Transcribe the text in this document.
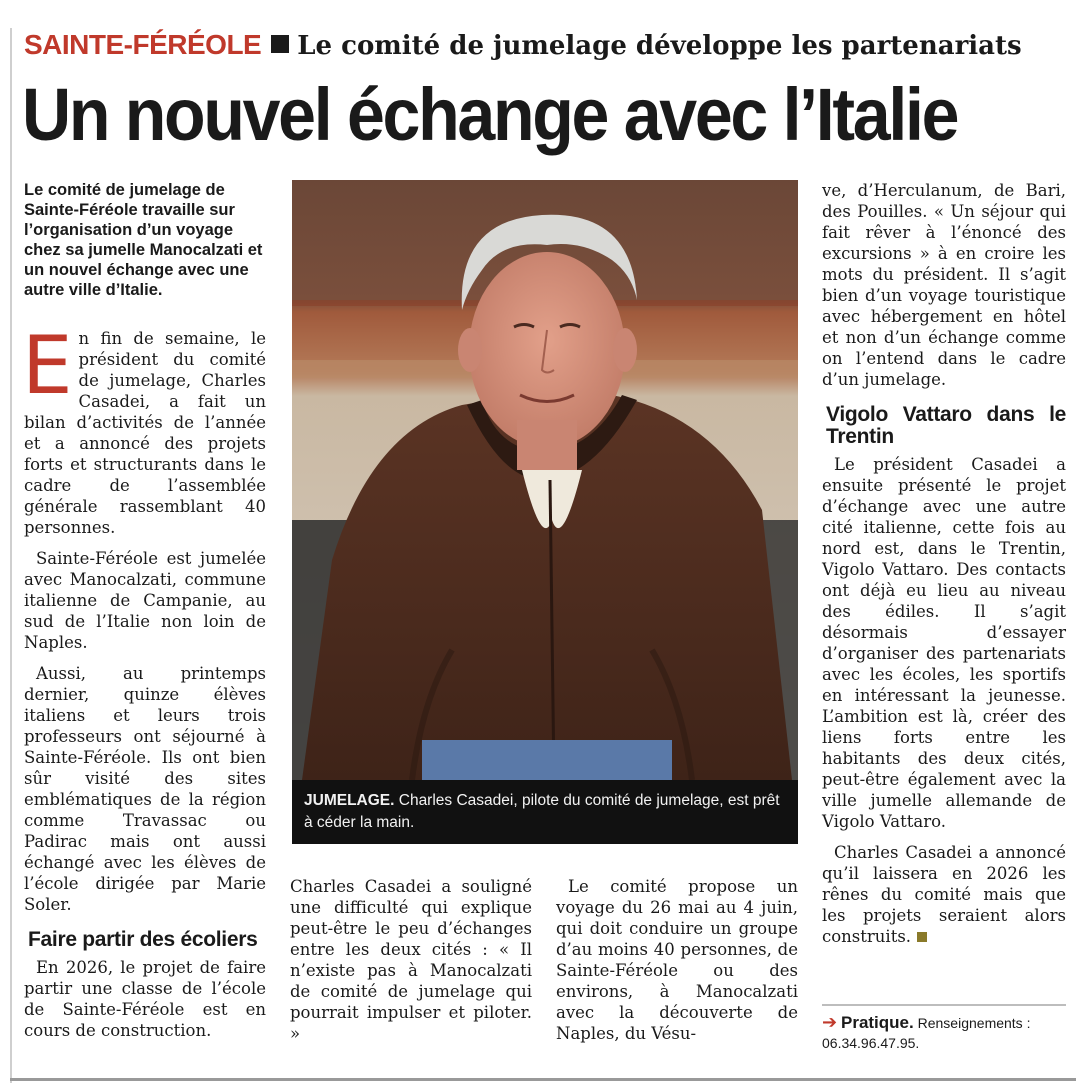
SAINTE-FÉRÉOLE Le comité de jumelage développe les partenariats
Un nouvel échange avec l’Italie
Le comité de jumelage de Sainte-Féréole travaille sur l’organisation d’un voyage chez sa jumelle Manocalzati et un nouvel échange avec une autre ville d’Italie.

En fin de semaine, le président du comité de jumelage, Charles Casadei, a fait un bilan d’activités de l’année et a annoncé des projets forts et structurants dans le cadre de l’assemblée générale rassemblant 40 personnes.

Sainte-Féréole est jumelée avec Manocalzati, commune italienne de Campanie, au sud de l’Italie non loin de Naples.

Aussi, au printemps dernier, quinze élèves italiens et leurs trois professeurs ont séjourné à Sainte-Féréole. Ils ont bien sûr visité des sites emblématiques de la région comme Travassac ou Padirac mais ont aussi échangé avec les élèves de l’école dirigée par Marie Soler.

Faire partir des écoliers

En 2026, le projet de faire partir une classe de l’école de Sainte-Féréole est en cours de construction.

JUMELAGE. Charles Casadei, pilote du comité de jumelage, est prêt à céder la main.

Charles Casadei a souligné une difficulté qui explique peut-être le peu d’échanges entre les deux cités : « Il n’existe pas à Manocalzati de comité de jumelage qui pourrait impulser et piloter. »

Le comité propose un voyage du 26 mai au 4 juin, qui doit conduire un groupe d’au moins 40 personnes, de Sainte-Féréole ou des environs, à Manocalzati avec la découverte de Naples, du Vésu-

ve, d’Herculanum, de Bari, des Pouilles. « Un séjour qui fait rêver à l’énoncé des excursions » à en croire les mots du président. Il s’agit bien d’un voyage touristique avec hébergement en hôtel et non d’un échange comme on l’entend dans le cadre d’un jumelage.

Vigolo Vattaro dans le Trentin

Le président Casadei a ensuite présenté le projet d’échange avec une autre cité italienne, cette fois au nord est, dans le Trentin, Vigolo Vattaro. Des contacts ont déjà eu lieu au niveau des édiles. Il s’agit désormais d’essayer d’organiser des partenariats avec les écoles, les sportifs en intéressant la jeunesse. L’ambition est là, créer des liens forts entre les habitants des deux cités, peut-être également avec la ville jumelle allemande de Vigolo Vattaro.

Charles Casadei a annoncé qu’il laissera en 2026 les rênes du comité mais que les projets seraient alors construits.

➔ Pratique. Renseignements : 06.34.96.47.95.
